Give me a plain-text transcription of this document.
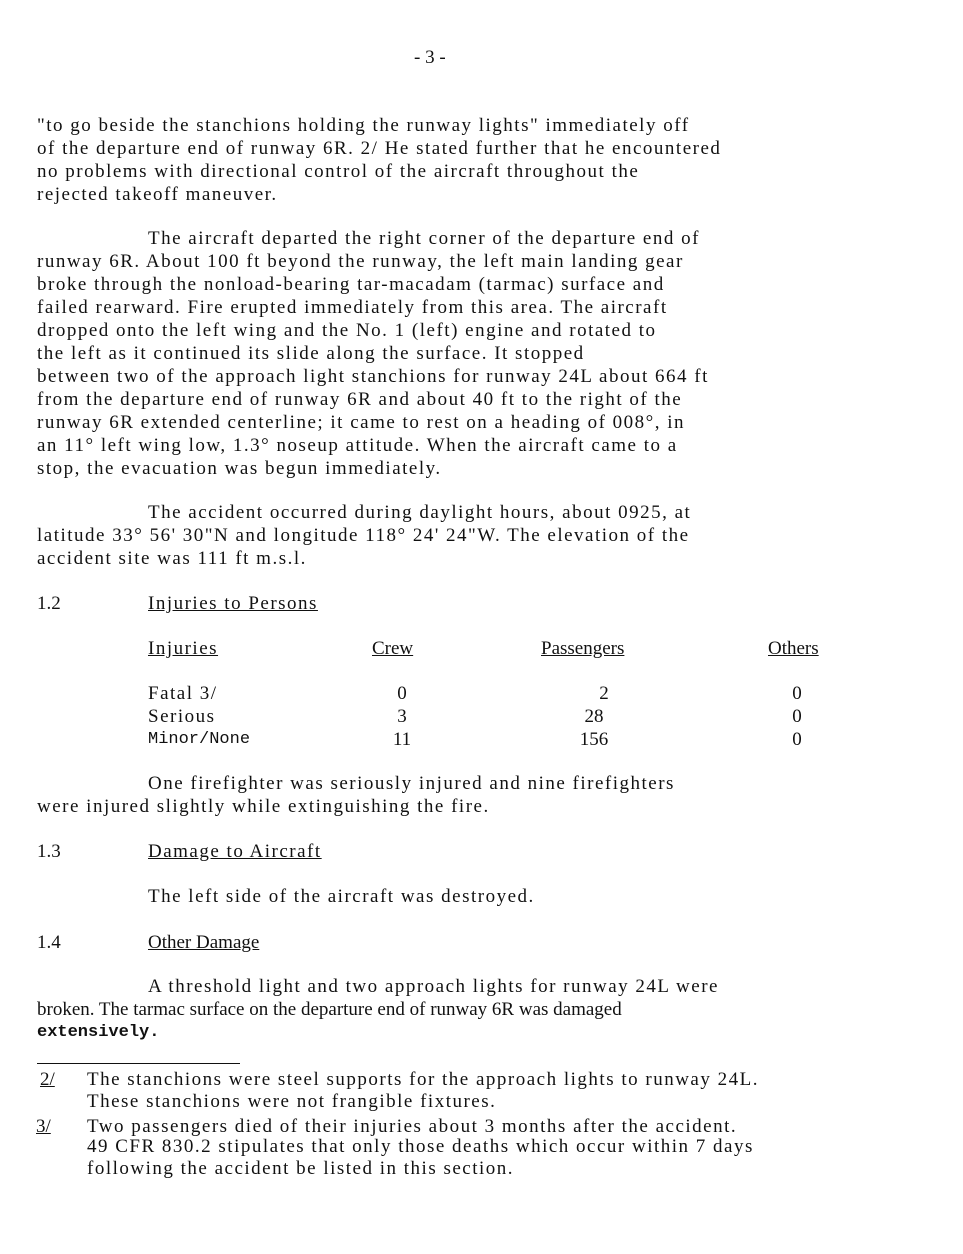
- 3 -
"to go beside the stanchions holding the runway lights" immediately off
of the departure end of runway 6R. 2/ He stated further that he encountered
no problems with directional control of the aircraft throughout the
rejected takeoff maneuver.
The aircraft departed the right corner of the departure end of
runway 6R. About 100 ft beyond the runway, the left main landing gear
broke through the nonload-bearing tar-macadam (tarmac) surface and
failed rearward. Fire erupted immediately from this area. The aircraft
dropped onto the left wing and the No. 1 (left) engine and rotated to
the left as it continued its slide along the surface. It stopped
between two of the approach light stanchions for runway 24L about 664 ft
from the departure end of runway 6R and about 40 ft to the right of the
runway 6R extended centerline; it came to rest on a heading of 008°, in
an 11° left wing low, 1.3° noseup attitude. When the aircraft came to a
stop, the evacuation was begun immediately.
The accident occurred during daylight hours, about 0925, at
latitude 33° 56' 30"N and longitude 118° 24' 24"W. The elevation of the
accident site was 111 ft m.s.l.
1.2	Injuries to Persons
Injuries	Crew	Passengers	Others
Fatal 3/	0	2	0
Serious	3	28	0
Minor/None	11	156	0
One firefighter was seriously injured and nine firefighters
were injured slightly while extinguishing the fire.
1.3	Damage to Aircraft
The left side of the aircraft was destroyed.
1.4	Other Damage
A threshold light and two approach lights for runway 24L were
broken. The tarmac surface on the departure end of runway 6R was damaged
extensively.
2/ The stanchions were steel supports for the approach lights to runway 24L.
These stanchions were not frangible fixtures.
3/ Two passengers died of their injuries about 3 months after the accident.
49 CFR 830.2 stipulates that only those deaths which occur within 7 days
following the accident be listed in this section.
